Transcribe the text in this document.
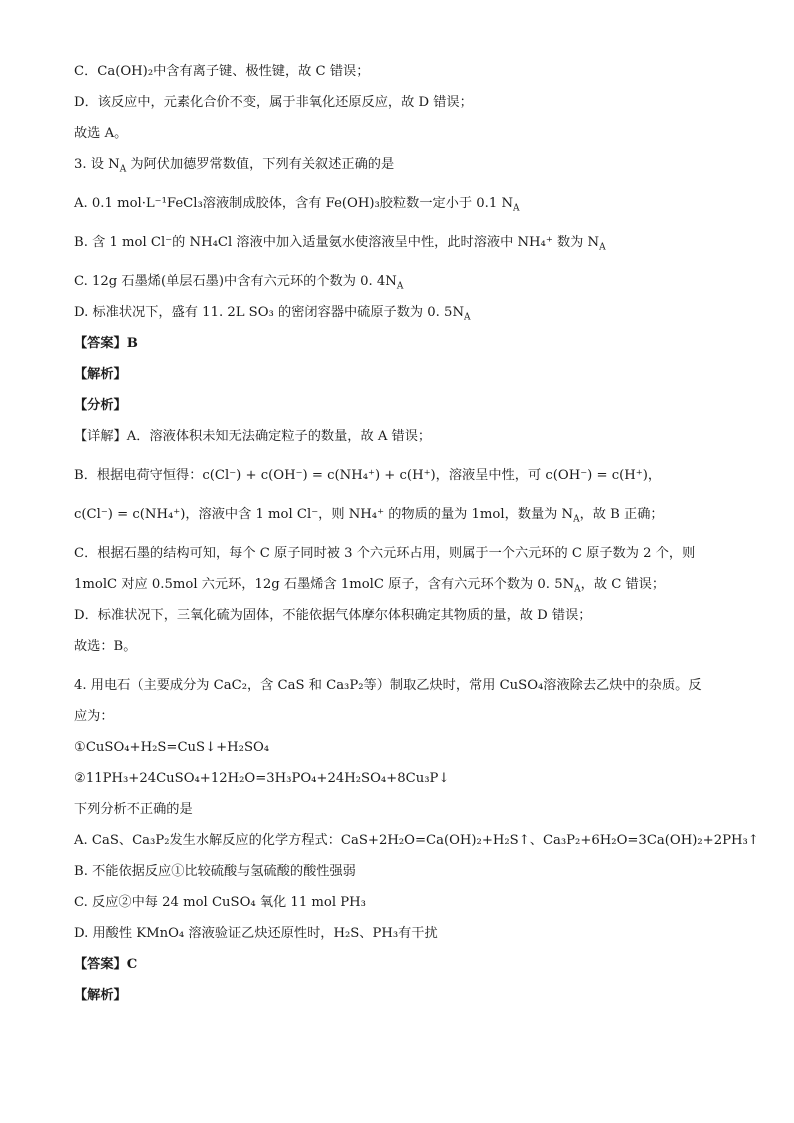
C．Ca(OH)₂中含有离子键、极性键，故 C 错误；

D．该反应中，元素化合价不变，属于非氧化还原反应，故 D 错误；

故选 A。

3. 设 $N_A$ 为阿伏加德罗常数值，下列有关叙述正确的是

A. 0.1 mol·L⁻¹FeCl₃溶液制成胶体，含有 Fe(OH)₃胶粒数一定小于 0.1 $N_A$

B. 含 1 mol Cl⁻的 NH₄Cl 溶液中加入适量氨水使溶液呈中性，此时溶液中 NH₄⁺ 数为 $N_A$

C. 12g 石墨烯(单层石墨)中含有六元环的个数为 0. $4N_A$

D. 标准状况下，盛有 11. 2L SO₃ 的密闭容器中硫原子数为 0. $5N_A$

【答案】B

【解析】

【分析】

【详解】A．溶液体积未知无法确定粒子的数量，故 A 错误；

B．根据电荷守恒得：c(Cl⁻) + c(OH⁻) = c(NH₄⁺) + c(H⁺)，溶液呈中性，可 c(OH⁻) = c(H⁺)，

c(Cl⁻) = c(NH₄⁺)，溶液中含 1 mol Cl⁻，则 NH₄⁺ 的物质的量为 1mol，数量为 $N_A$，故 B 正确；

C．根据石墨的结构可知，每个 C 原子同时被 3 个六元环占用，则属于一个六元环的 C 原子数为 2 个，则

1molC 对应 0.5mol 六元环，12g 石墨烯含 1molC 原子，含有六元环个数为 0. $5N_A$，故 C 错误；

D．标准状况下，三氧化硫为固体，不能依据气体摩尔体积确定其物质的量，故 D 错误；

故选：B。

4. 用电石（主要成分为 CaC₂，含 CaS 和 Ca₃P₂等）制取乙炔时，常用 CuSO₄溶液除去乙炔中的杂质。反

应为：

①CuSO₄+H₂S=CuS↓+H₂SO₄

②11PH₃+24CuSO₄+12H₂O=3H₃PO₄+24H₂SO₄+8Cu₃P↓

下列分析不正确的是

A. CaS、Ca₃P₂发生水解反应的化学方程式：CaS+2H₂O=Ca(OH)₂+H₂S↑、Ca₃P₂+6H₂O=3Ca(OH)₂+2PH₃↑

B. 不能依据反应①比较硫酸与氢硫酸的酸性强弱

C. 反应②中每 24 mol CuSO₄ 氧化 11 mol PH₃

D. 用酸性 KMnO₄ 溶液验证乙炔还原性时，H₂S、PH₃有干扰

【答案】C

【解析】
